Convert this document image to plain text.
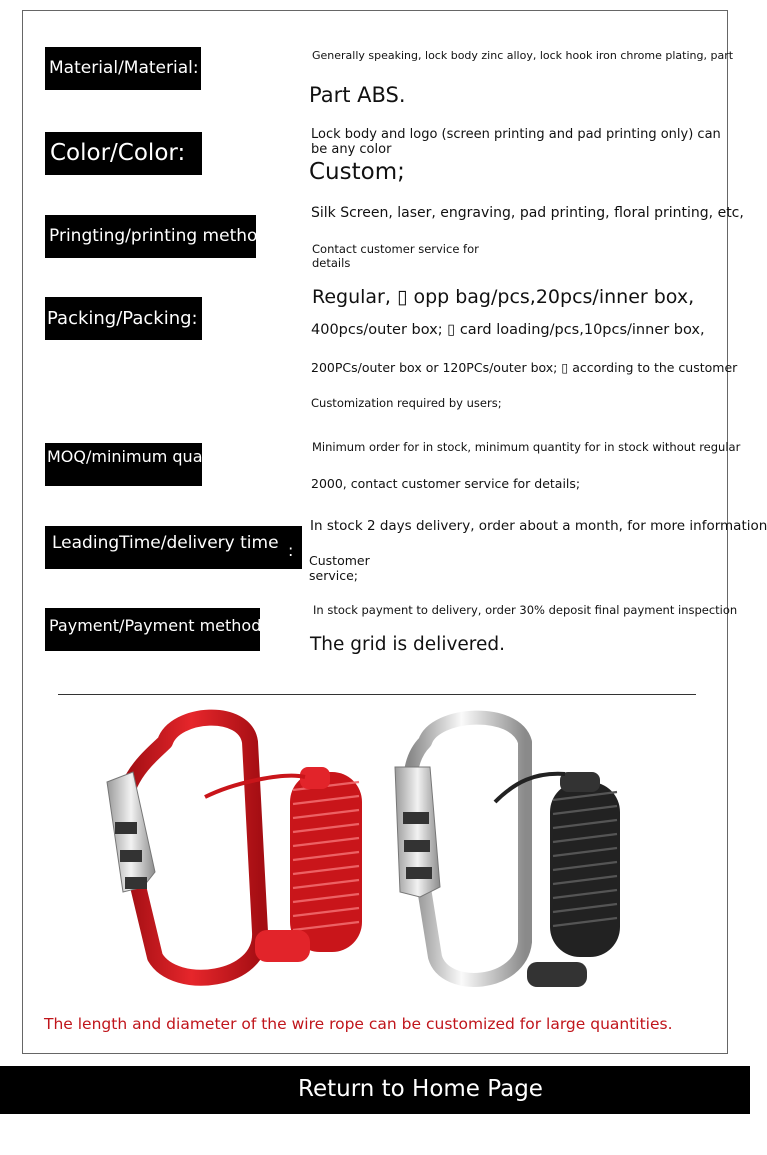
Material/Material:
Generally speaking, lock body zinc alloy, lock hook iron chrome plating, part
Part ABS.
Color/Color:
Lock body and logo (screen printing and pad printing only) can be any color
Custom;
Pringting/printing method:
Silk Screen, laser, engraving, pad printing, floral printing, etc,
Contact customer service for details
Packing/Packing:
Regular, ▯ opp bag/pcs,20pcs/inner box,
400pcs/outer box; ▯ card loading/pcs,10pcs/inner box,
200PCs/outer box or 120PCs/outer box; ▯ according to the customer
Customization required by users;
MOQ/minimum quantity:	Minimum order for in stock, minimum quantity for in stock without regular
2000, contact customer service for details;
LeadingTime/delivery time :
In stock 2 days delivery, order about a month, for more information
Customer service;
Payment/Payment method:
In stock payment to delivery, order 30% deposit final payment inspection
The grid is delivered.
The length and diameter of the wire rope can be customized for large quantities.
Return to Home Page
